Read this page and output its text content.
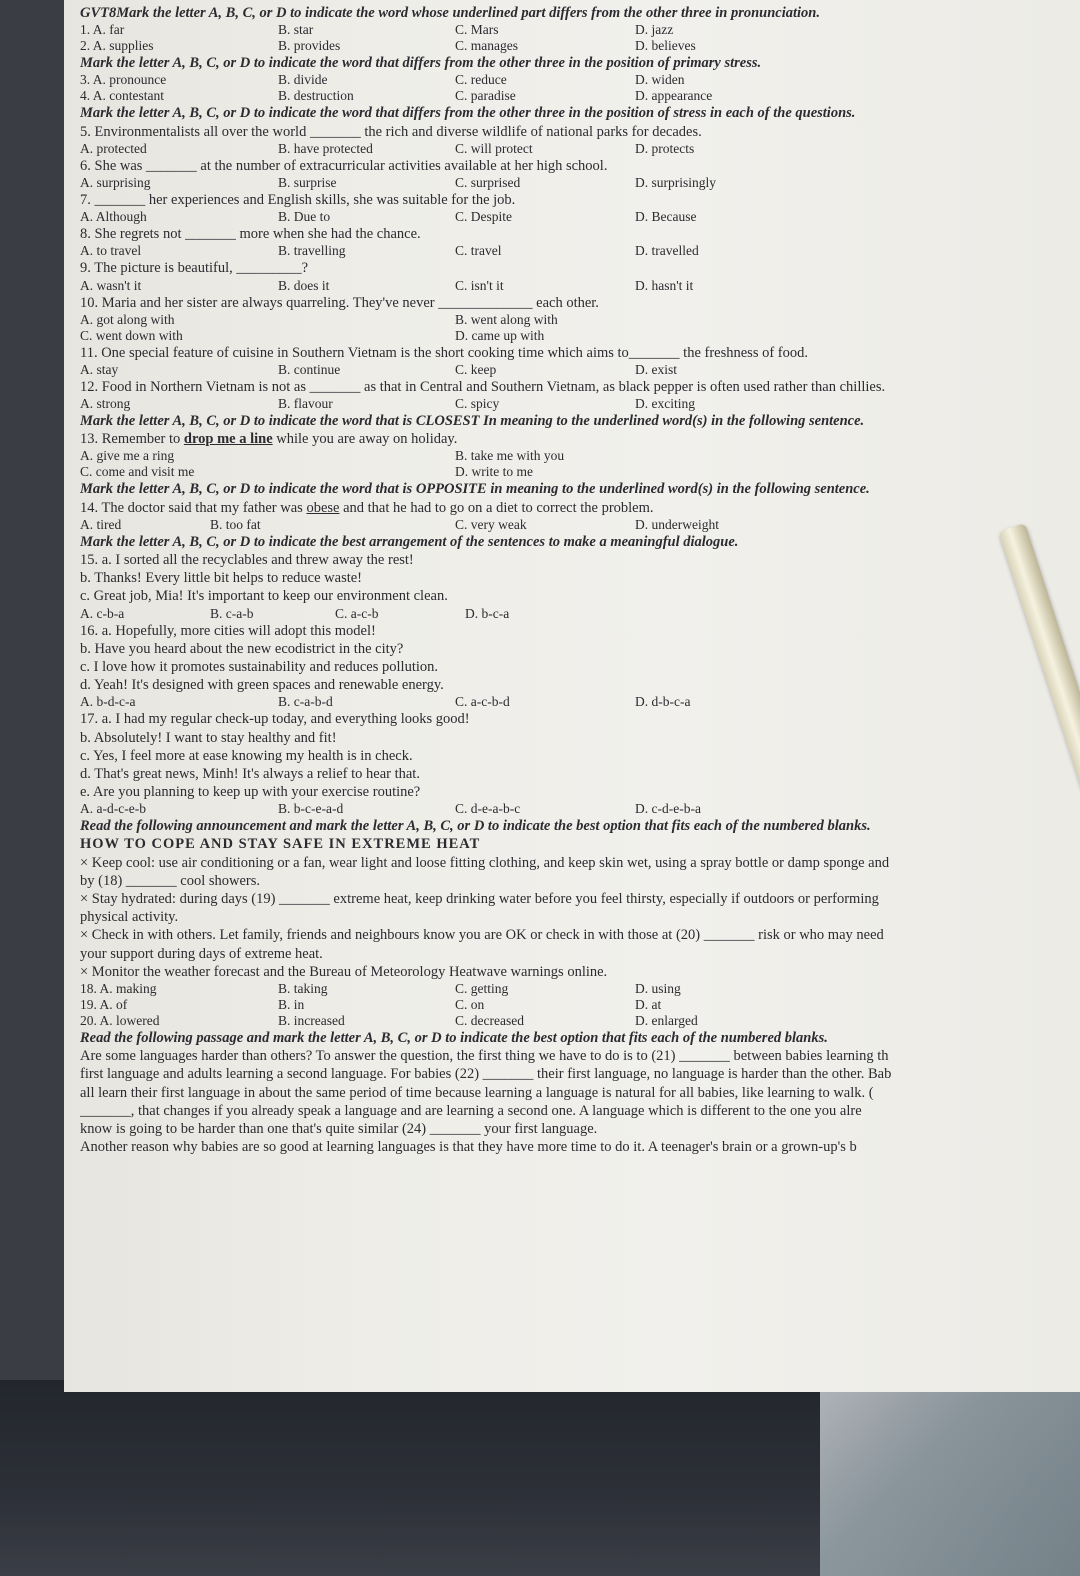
GVT8Mark the letter A, B, C, or D to indicate the word whose underlined part differs from the other three in pronunciation.
1. A. far	B. star	C. Mars	D. jazz
2. A. supplies	B. provides	C. manages	D. believes
Mark the letter A, B, C, or D to indicate the word that differs from the other three in the position of primary stress.
3. A. pronounce	B. divide	C. reduce	D. widen
4. A. contestant	B. destruction	C. paradise	D. appearance
Mark the letter A, B, C, or D to indicate the word that differs from the other three in the position of stress in each of the questions.
5. Environmentalists all over the world _______ the rich and diverse wildlife of national parks for decades.
A. protected	B. have protected	C. will protect	D. protects
6. She was _______ at the number of extracurricular activities available at her high school.
A. surprising	B. surprise	C. surprised	D. surprisingly
7. _______ her experiences and English skills, she was suitable for the job.
A. Although	B. Due to	C. Despite	D. Because
8. She regrets not _______ more when she had the chance.
A. to travel	B. travelling	C. travel	D. travelled
9. The picture is beautiful, _________?
A. wasn't it	B. does it	C. isn't it	D. hasn't it
10. Maria and her sister are always quarreling. They've never _____________ each other.
A. got along with	B. went along with
C. went down with	D. came up with
11. One special feature of cuisine in Southern Vietnam is the short cooking time which aims to_______ the freshness of food.
A. stay	B. continue	C. keep	D. exist
12. Food in Northern Vietnam is not as _______ as that in Central and Southern Vietnam, as black pepper is often used rather than chillies.
A. strong	B. flavour	C. spicy	D. exciting
Mark the letter A, B, C, or D to indicate the word that is CLOSEST In meaning to the underlined word(s) in the following sentence.
13. Remember to drop me a line while you are away on holiday.
A. give me a ring	B. take me with you
C. come and visit me	D. write to me
Mark the letter A, B, C, or D to indicate the word that is OPPOSITE in meaning to the underlined word(s) in the following sentence.
14. The doctor said that my father was obese and that he had to go on a diet to correct the problem.
A. tired	B. too fat	C. very weak	D. underweight
Mark the letter A, B, C, or D to indicate the best arrangement of the sentences to make a meaningful dialogue.
15. a. I sorted all the recyclables and threw away the rest!
b. Thanks! Every little bit helps to reduce waste!
c. Great job, Mia! It's important to keep our environment clean.
A. c-b-a	B. c-a-b	C. a-c-b	D. b-c-a
16. a. Hopefully, more cities will adopt this model!
b. Have you heard about the new ecodistrict in the city?
c. I love how it promotes sustainability and reduces pollution.
d. Yeah! It's designed with green spaces and renewable energy.
A. b-d-c-a	B. c-a-b-d	C. a-c-b-d	D. d-b-c-a
17. a. I had my regular check-up today, and everything looks good!
b. Absolutely! I want to stay healthy and fit!
c. Yes, I feel more at ease knowing my health is in check.
d. That's great news, Minh! It's always a relief to hear that.
e. Are you planning to keep up with your exercise routine?
A. a-d-c-e-b	B. b-c-e-a-d	C. d-e-a-b-c	D. c-d-e-b-a
Read the following announcement and mark the letter A, B, C, or D to indicate the best option that fits each of the numbered blanks.
HOW TO COPE AND STAY SAFE IN EXTREME HEAT
× Keep cool: use air conditioning or a fan, wear light and loose fitting clothing, and keep skin wet, using a spray bottle or damp sponge and
by (18) _______ cool showers.
× Stay hydrated: during days (19) _______ extreme heat, keep drinking water before you feel thirsty, especially if outdoors or performing
physical activity.
× Check in with others. Let family, friends and neighbours know you are OK or check in with those at (20) _______ risk or who may need
your support during days of extreme heat.
× Monitor the weather forecast and the Bureau of Meteorology Heatwave warnings online.
18. A. making	B. taking	C. getting	D. using
19. A. of	B. in	C. on	D. at
20. A. lowered	B. increased	C. decreased	D. enlarged
Read the following passage and mark the letter A, B, C, or D to indicate the best option that fits each of the numbered blanks.
Are some languages harder than others? To answer the question, the first thing we have to do is to (21) _______ between babies learning th
first language and adults learning a second language. For babies (22) _______ their first language, no language is harder than the other. Bab
all learn their first language in about the same period of time because learning a language is natural for all babies, like learning to walk. (
_______, that changes if you already speak a language and are learning a second one. A language which is different to the one you alre
know is going to be harder than one that's quite similar (24) _______ your first language.
Another reason why babies are so good at learning languages is that they have more time to do it. A teenager's brain or a grown-up's b
